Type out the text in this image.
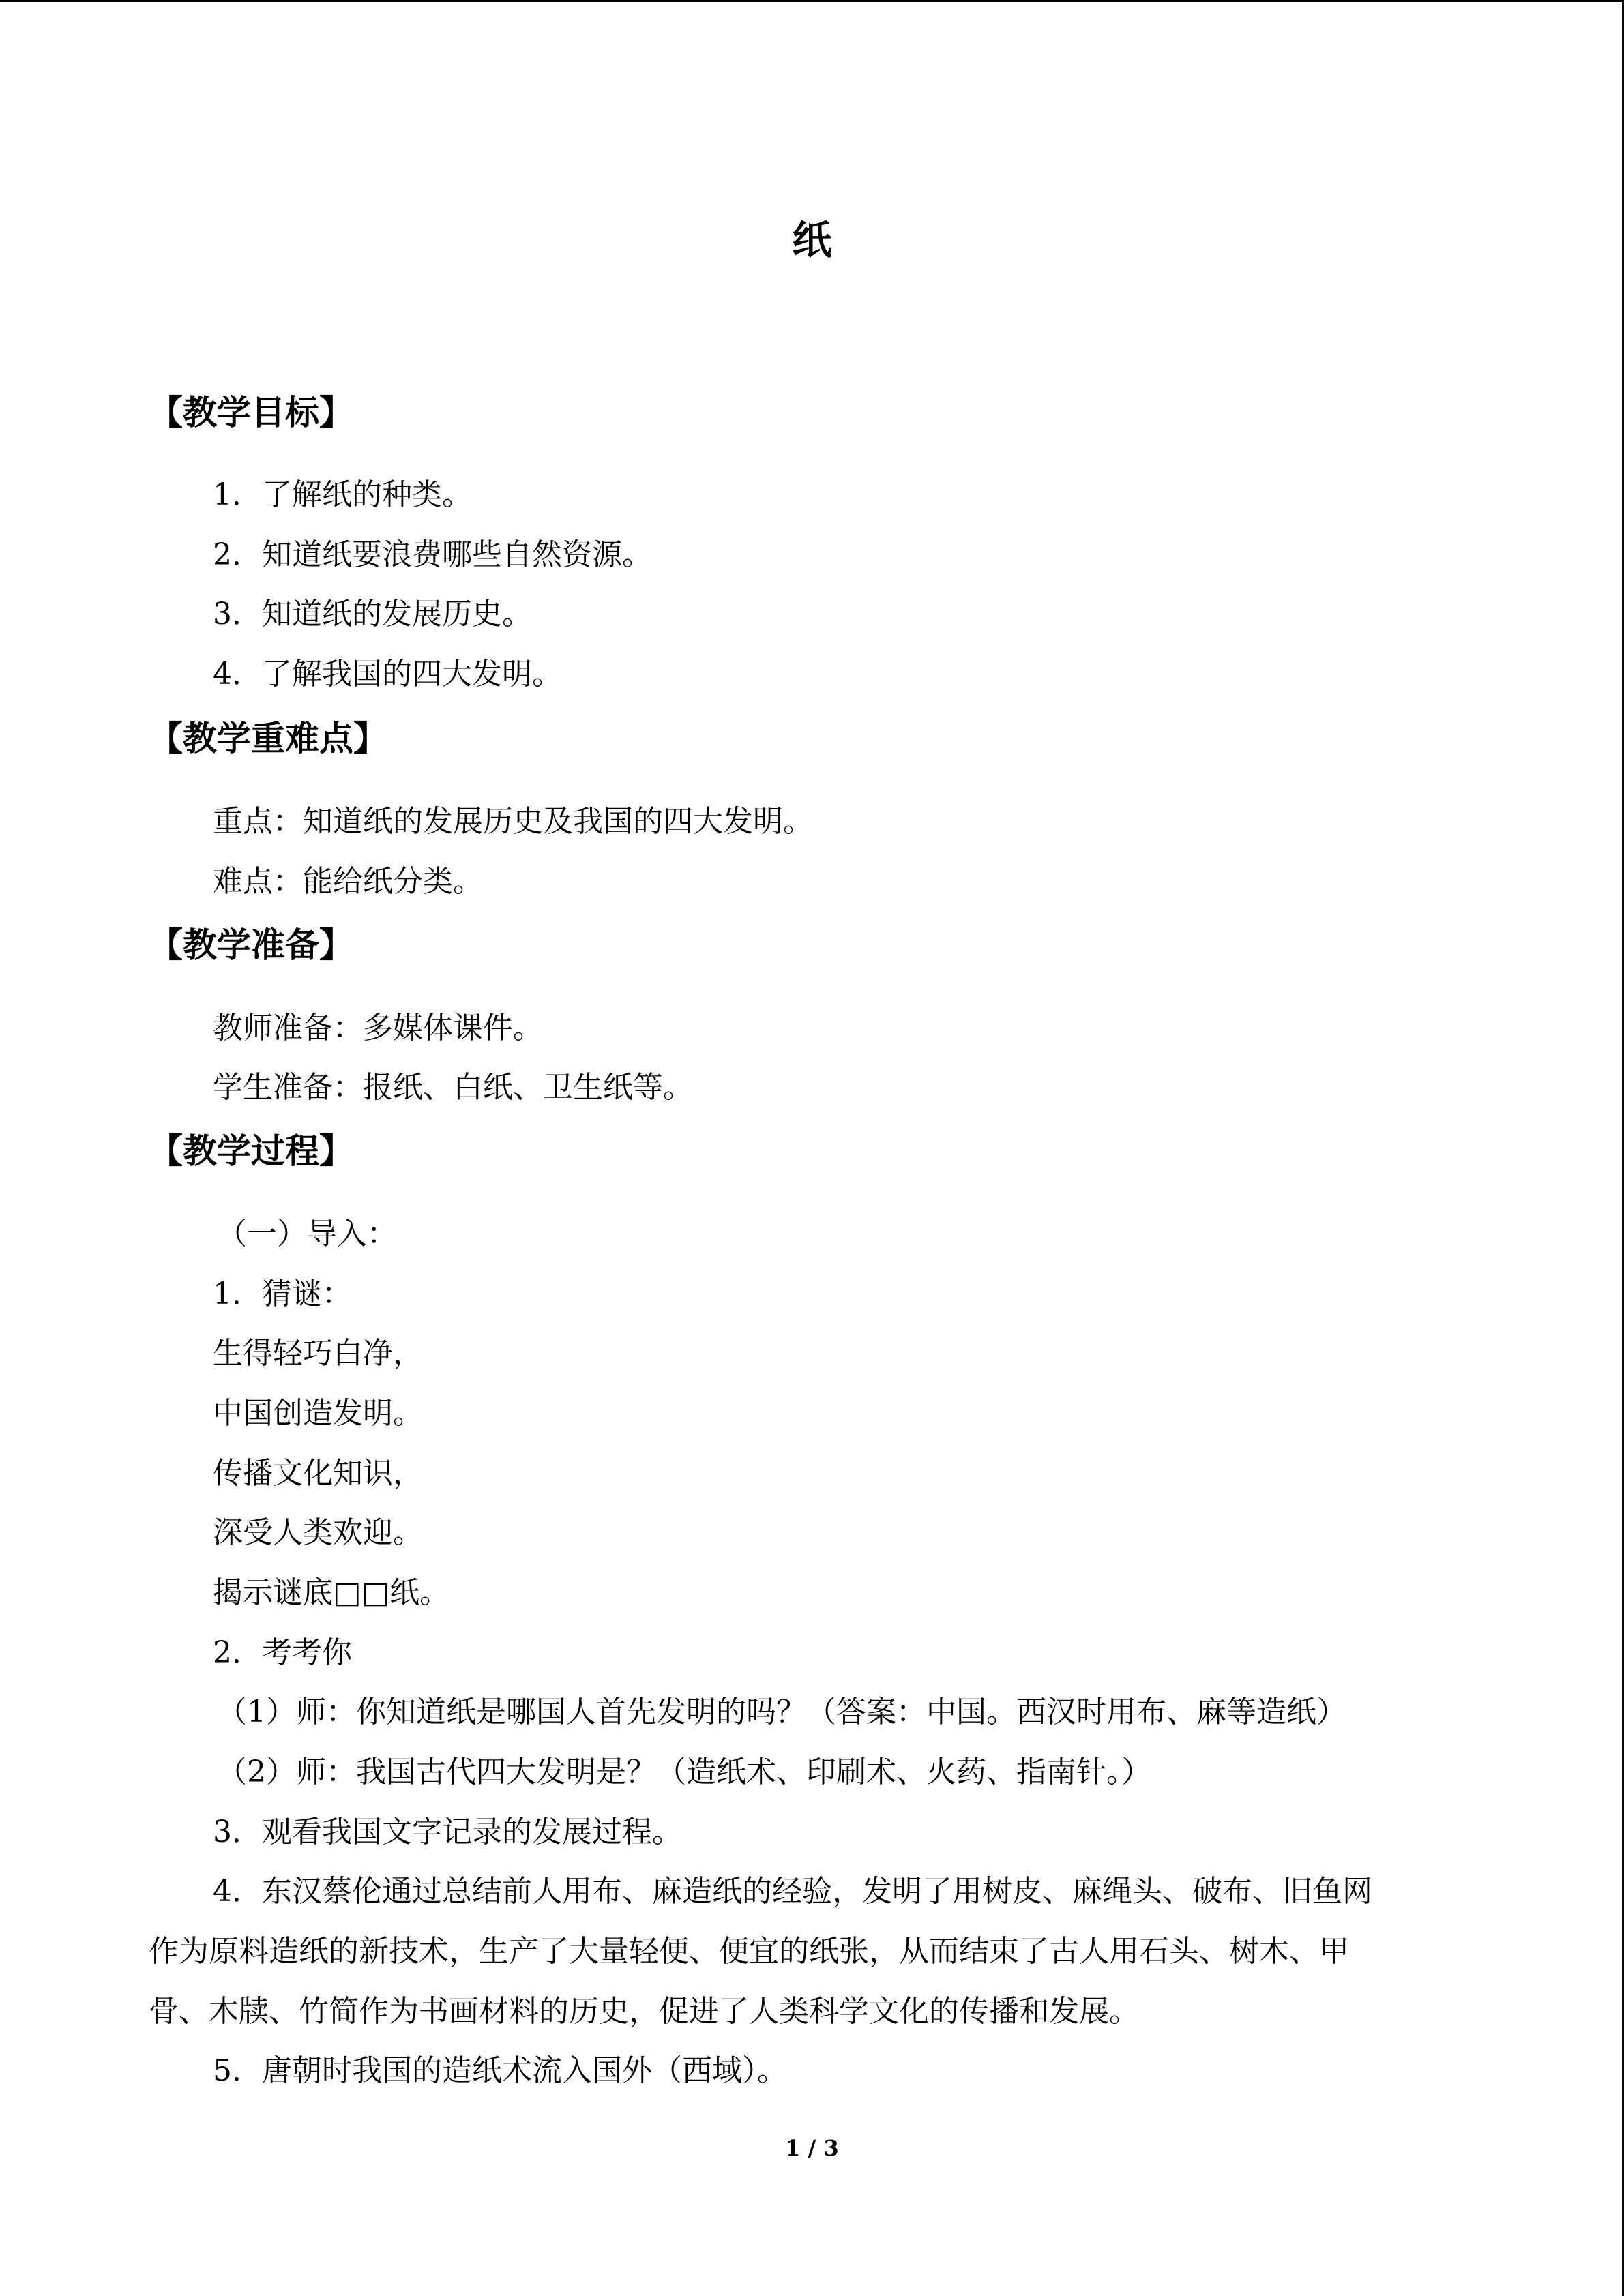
纸
【教学目标】
1．了解纸的种类。
2．知道纸要浪费哪些自然资源。
3．知道纸的发展历史。
4．了解我国的四大发明。
【教学重难点】
重点：知道纸的发展历史及我国的四大发明。
难点：能给纸分类。
【教学准备】
教师准备：多媒体课件。
学生准备：报纸、白纸、卫生纸等。
【教学过程】
（一）导入：
1．猜谜：
生得轻巧白净，
中国创造发明。
传播文化知识，
深受人类欢迎。
揭示谜底□□纸。
2．考考你
（1）师：你知道纸是哪国人首先发明的吗？（答案：中国。西汉时用布、麻等造纸）
（2）师：我国古代四大发明是？（造纸术、印刷术、火药、指南针。）
3．观看我国文字记录的发展过程。
4．东汉蔡伦通过总结前人用布、麻造纸的经验，发明了用树皮、麻绳头、破布、旧鱼网
作为原料造纸的新技术，生产了大量轻便、便宜的纸张，从而结束了古人用石头、树木、甲
骨、木牍、竹简作为书画材料的历史，促进了人类科学文化的传播和发展。
5．唐朝时我国的造纸术流入国外（西域）。
1 / 3
